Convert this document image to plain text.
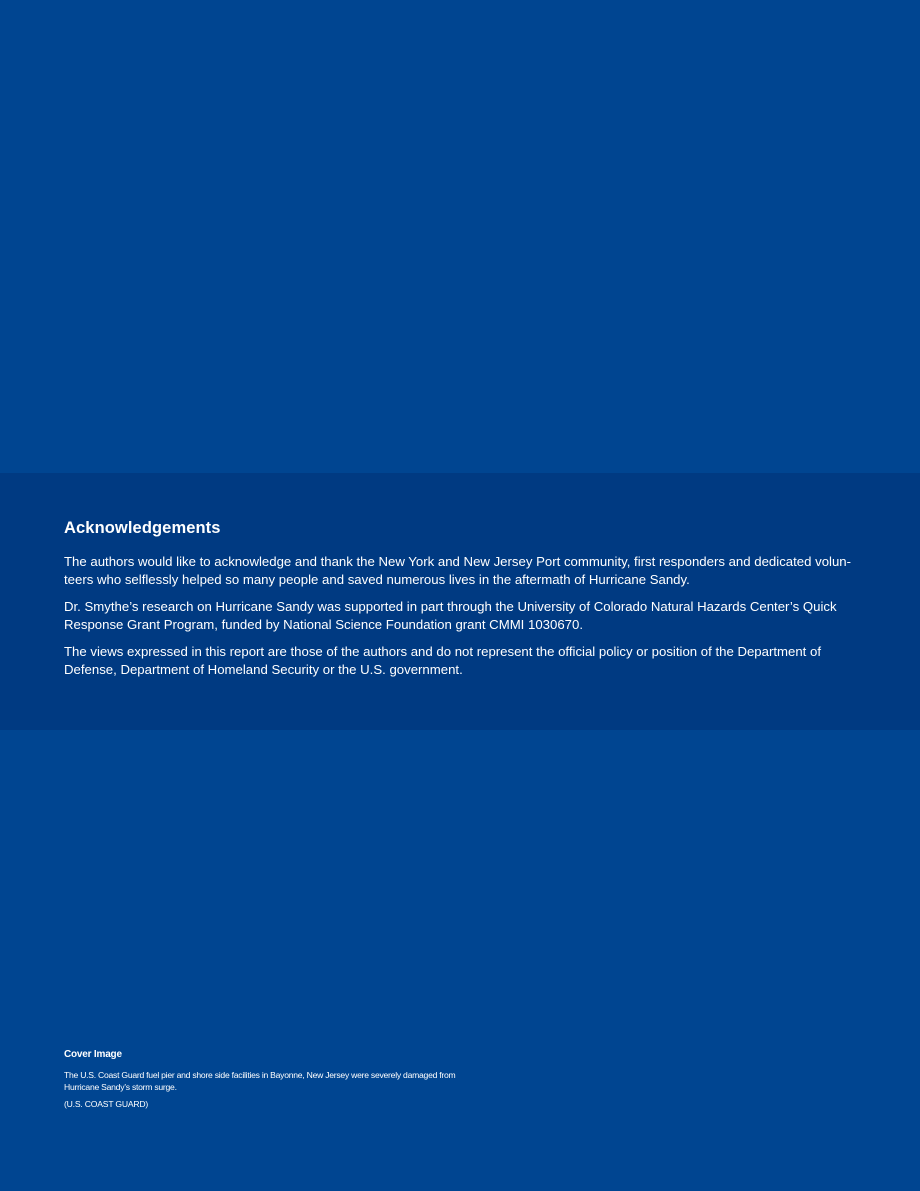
Acknowledgements

The authors would like to acknowledge and thank the New York and New Jersey Port community, first responders and dedicated volunteers who selflessly helped so many people and saved numerous lives in the aftermath of Hurricane Sandy.

Dr. Smythe’s research on Hurricane Sandy was supported in part through the University of Colorado Natural Hazards Center’s Quick Response Grant Program, funded by National Science Foundation grant CMMI 1030670.

The views expressed in this report are those of the authors and do not represent the official policy or position of the Department of Defense, Department of Homeland Security or the U.S. government.

Cover Image

The U.S. Coast Guard fuel pier and shore side facilities in Bayonne, New Jersey were severely damaged from Hurricane Sandy’s storm surge.

(U.S. COAST GUARD)
